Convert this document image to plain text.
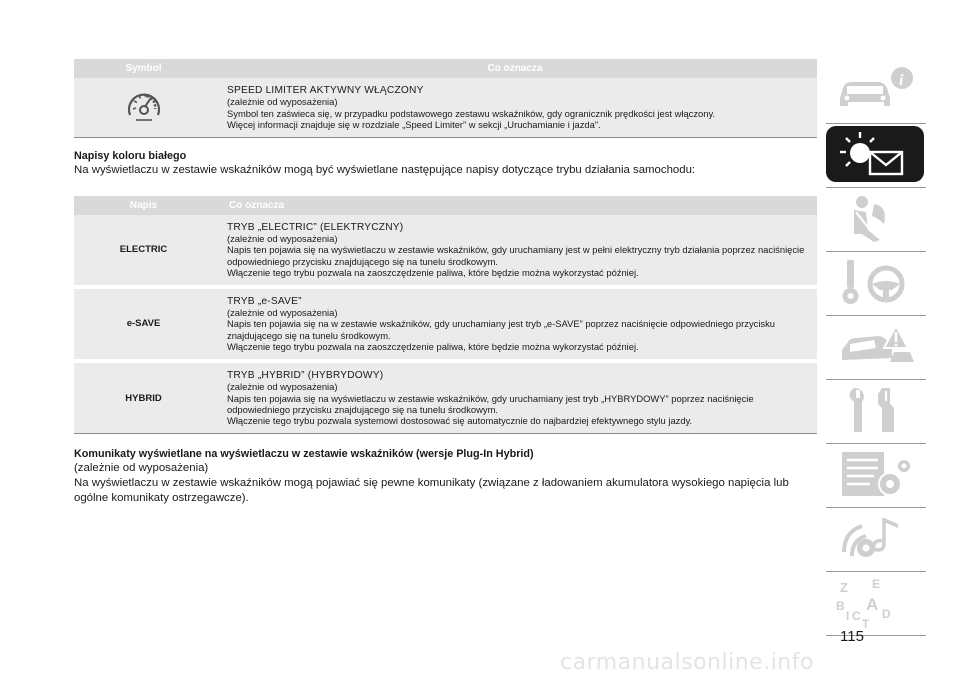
Symbol	Co oznacza

SPEED LIMITER AKTYWNY WŁĄCZONY
(zależnie od wyposażenia)
Symbol ten zaświeca się, w przypadku podstawowego zestawu wskaźników, gdy ogranicznik prędkości jest włączony.
Więcej informacji znajduje się w rozdziale „Speed Limiter” w sekcji „Uruchamianie i jazda”.
Napisy koloru białego

Na wyświetlaczu w zestawie wskaźników mogą być wyświetlane następujące napisy dotyczące trybu działania samochodu:

Napis	Co oznacza
ELECTRIC	TRYB „ELECTRIC” (ELEKTRYCZNY)
(zależnie od wyposażenia)
Napis ten pojawia się na wyświetlaczu w zestawie wskaźników, gdy uruchamiany jest w pełni elektryczny tryb działania poprzez naciśnięcie odpowiedniego przycisku znajdującego się na tunelu środkowym.
Włączenie tego trybu pozwala na zaoszczędzenie paliwa, które będzie można wykorzystać później.

e-SAVE	TRYB „e-SAVE”
(zależnie od wyposażenia)
Napis ten pojawia się na w zestawie wskaźników, gdy uruchamiany jest tryb „e-SAVE” poprzez naciśnięcie odpowiedniego przycisku znajdującego się na tunelu środkowym.
Włączenie tego trybu pozwala na zaoszczędzenie paliwa, które będzie można wykorzystać później.

HYBRID	TRYB „HYBRID” (HYBRYDOWY)
(zależnie od wyposażenia)
Napis ten pojawia się na wyświetlaczu w zestawie wskaźników, gdy uruchamiany jest tryb „HYBRYDOWY” poprzez naciśnięcie odpowiedniego przycisku znajdującego się na tunelu środkowym.
Włączenie tego trybu pozwala systemowi dostosować się automatycznie do najbardziej efektywnego stylu jazdy.
Komunikaty wyświetlane na wyświetlaczu w zestawie wskaźników (wersje Plug-In Hybrid)

(zależnie od wyposażenia)

Na wyświetlaczu w zestawie wskaźników mogą pojawiać się pewne komunikaty (związane z ładowaniem akumulatora wysokiego napięcia lub ogólne komunikaty ostrzegawcze).

i
Z E
B A
C D
I
T
115
carmanualsonline.info
